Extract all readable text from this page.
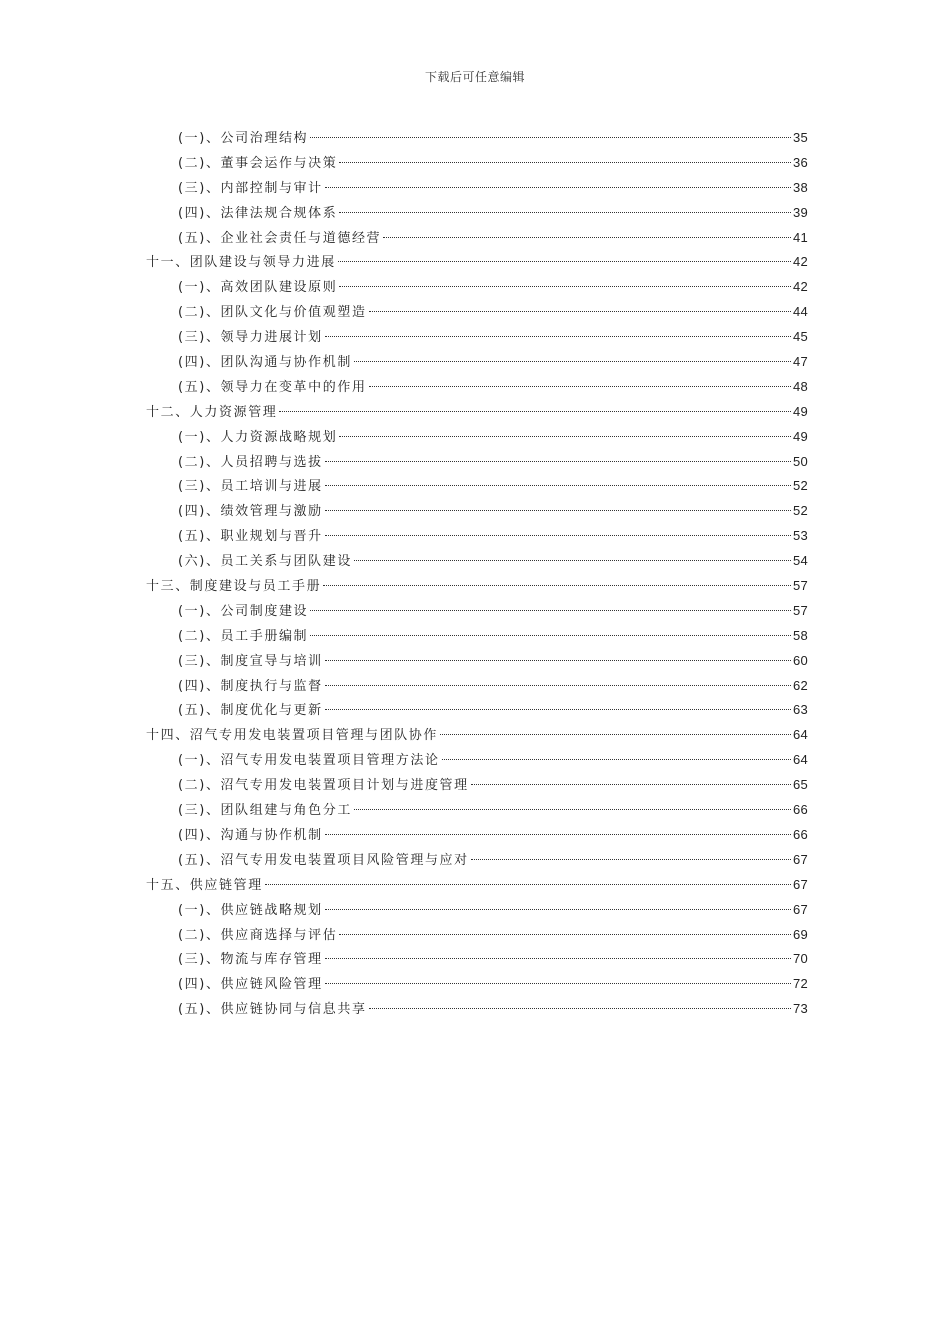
下载后可任意编辑
(一)、公司治理结构	35
(二)、董事会运作与决策	36
(三)、内部控制与审计	38
(四)、法律法规合规体系	39
(五)、企业社会责任与道德经营	41
十一、团队建设与领导力进展	42
(一)、高效团队建设原则	42
(二)、团队文化与价值观塑造	44
(三)、领导力进展计划	45
(四)、团队沟通与协作机制	47
(五)、领导力在变革中的作用	48
十二、人力资源管理	49
(一)、人力资源战略规划	49
(二)、人员招聘与选拔	50
(三)、员工培训与进展	52
(四)、绩效管理与激励	52
(五)、职业规划与晋升	53
(六)、员工关系与团队建设	54
十三、制度建设与员工手册	57
(一)、公司制度建设	57
(二)、员工手册编制	58
(三)、制度宣导与培训	60
(四)、制度执行与监督	62
(五)、制度优化与更新	63
十四、沼气专用发电装置项目管理与团队协作	64
(一)、沼气专用发电装置项目管理方法论	64
(二)、沼气专用发电装置项目计划与进度管理	65
(三)、团队组建与角色分工	66
(四)、沟通与协作机制	66
(五)、沼气专用发电装置项目风险管理与应对	67
十五、供应链管理	67
(一)、供应链战略规划	67
(二)、供应商选择与评估	69
(三)、物流与库存管理	70
(四)、供应链风险管理	72
(五)、供应链协同与信息共享	73
